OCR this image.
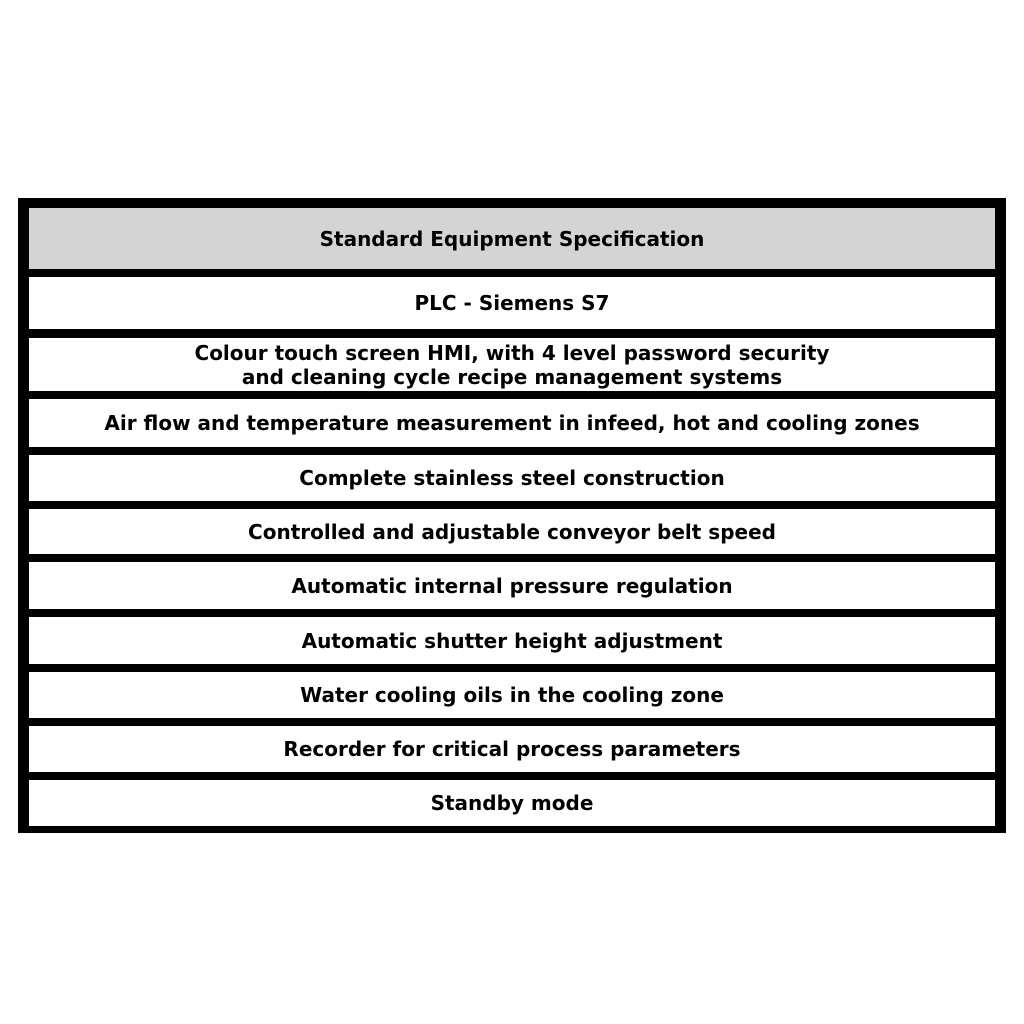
Standard Equipment Specification
PLC - Siemens S7
Colour touch screen HMI, with 4 level password security
and cleaning cycle recipe management systems
Air flow and temperature measurement in infeed, hot and cooling zones
Complete stainless steel construction
Controlled and adjustable conveyor belt speed
Automatic internal pressure regulation
Automatic shutter height adjustment
Water cooling oils in the cooling zone
Recorder for critical process parameters
Standby mode
